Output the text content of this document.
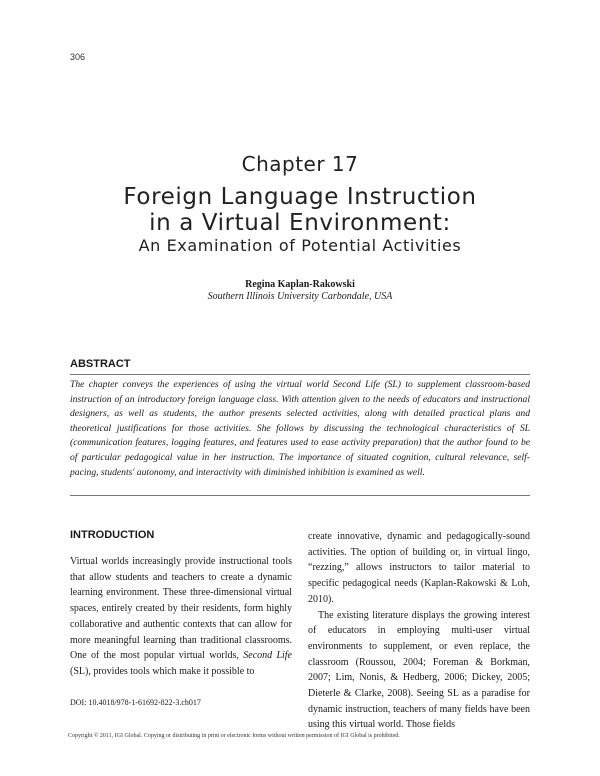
306
Chapter 17
Foreign Language Instruction
in a Virtual Environment:
An Examination of Potential Activities
Regina Kaplan-Rakowski
Southern Illinois University Carbondale, USA
ABSTRACT

The chapter conveys the experiences of using the virtual world Second Life (SL) to supplement classroom-based instruction of an introductory foreign language class. With attention given to the needs of educators and instructional designers, as well as students, the author presents selected activities, along with detailed practical plans and theoretical justifications for those activities. She follows by discussing the technological characteristics of SL (communication features, logging features, and features used to ease activity preparation) that the author found to be of particular pedagogical value in her instruction. The importance of situated cognition, cultural relevance, self-pacing, students' autonomy, and interactivity with diminished inhibition is examined as well.

INTRODUCTION

Virtual worlds increasingly provide instructional tools that allow students and teachers to create a dynamic learning environment. These three-dimensional virtual spaces, entirely created by their residents, form highly collaborative and authentic contexts that can allow for more meaningful learning than traditional classrooms. One of the most popular virtual worlds, Second Life (SL), provides tools which make it possible to

create innovative, dynamic and pedagogically-sound activities. The option of building or, in virtual lingo, “rezzing,” allows instructors to tailor material to specific pedagogical needs (Kaplan-Rakowski & Loh, 2010).

The existing literature displays the growing interest of educators in employing multi-user virtual environments to supplement, or even replace, the classroom (Roussou, 2004; Foreman & Borkman, 2007; Lim, Nonis, & Hedberg, 2006; Dickey, 2005; Dieterle & Clarke, 2008). Seeing SL as a paradise for dynamic instruction, teachers of many fields have been using this virtual world. Those fields

DOI: 10.4018/978-1-61692-822-3.ch017
Copyright © 2011, IGI Global. Copying or distributing in print or electronic forms without written permission of IGI Global is prohibited.
